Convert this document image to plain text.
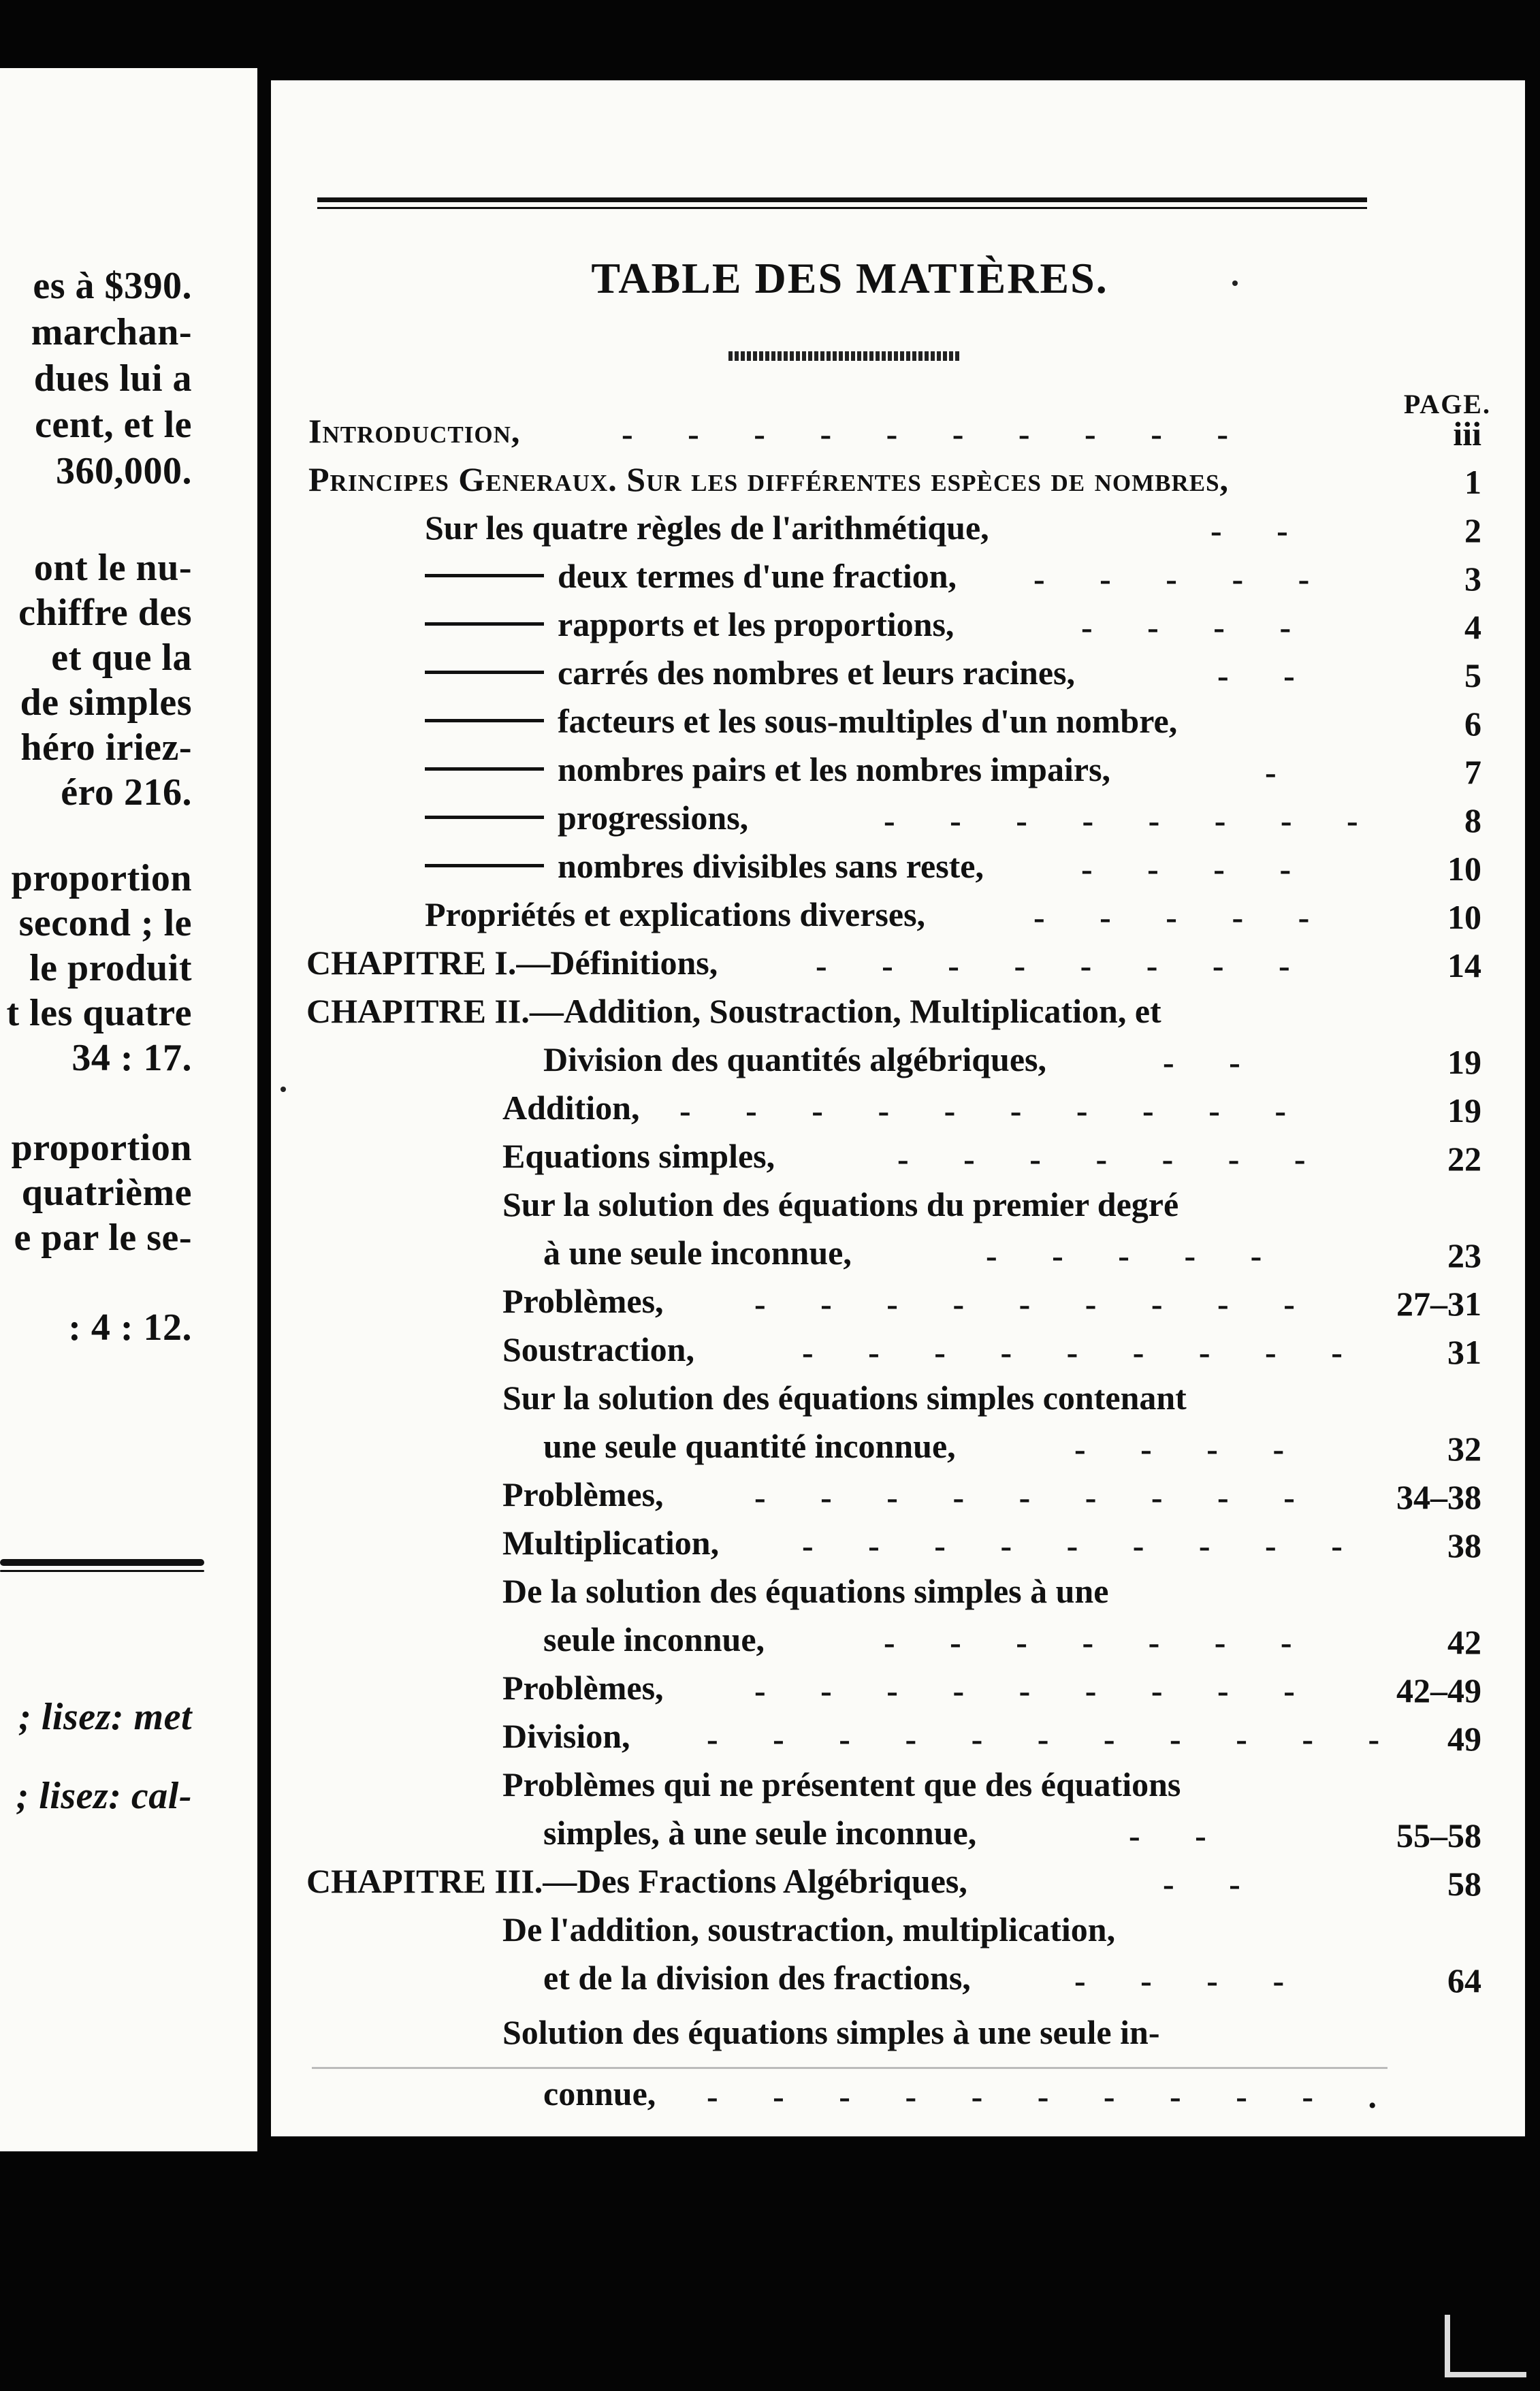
es à $390.
marchan-
dues lui a
cent, et le
360,000.
ont le nu-
chiffre des
et que la
de simples
héro iriez-
éro 216.
proportion
second ; le
le produit
t les quatre
34 : 17.
proportion
quatrième
e par le se-
: 4 : 12.
; lisez: met
; lisez: cal-
TABLE DES MATIÈRES.
PAGE.
Introduction,	- - - - - - - - - -	iii
Principes Generaux. Sur les différentes espèces de nombres,	1
Sur les quatre règles de l'arithmétique,	- -	2
deux termes d'une fraction, - - - - -	3
rapports et les proportions,	- - - -	4
carrés des nombres et leurs racines,	- -	5
facteurs et les sous-multiples d'un nombre,	6
nombres pairs et les nombres impairs,	-	7
progressions,	- - - - - - - - 8
nombres divisibles sans reste,	- - - -	10
Propriétés et explications diverses,	- - - - -	10
CHAPITRE I.—Définitions,	- - - - - - - -	14
CHAPITRE II.—Addition, Soustraction, Multiplication, et
Division des quantités algébriques,	- -	19
Addition, - - - - - - - - - -	19
Equations simples,	- - - - - - -	22
Sur la solution des équations du premier degré
à une seule inconnue,	- - - - -	23
Problèmes,	- - - - - - - - - 27–31
Soustraction,	- - - - - - - - - 31
Sur la solution des équations simples contenant
une seule quantité inconnue,	- - - -	32
Problèmes,	- - - - - - - - - 34–38
Multiplication, - - - - - - - - - 38
De la solution des équations simples à une
seule inconnue,	- - - - - - -	42
Problèmes,	- - - - - - - - - 42–49
Division, - - - - - - - - - - - 49
Problèmes qui ne présentent que des équations
simples, à une seule inconnue,	- -	55–58
CHAPITRE III.—Des Fractions Algébriques,	- -	58
De l'addition, soustraction, multiplication,
et de la division des fractions,	- - - -	64
Solution des équations simples à une seule in-
connue, - - - - - - - - - - .
